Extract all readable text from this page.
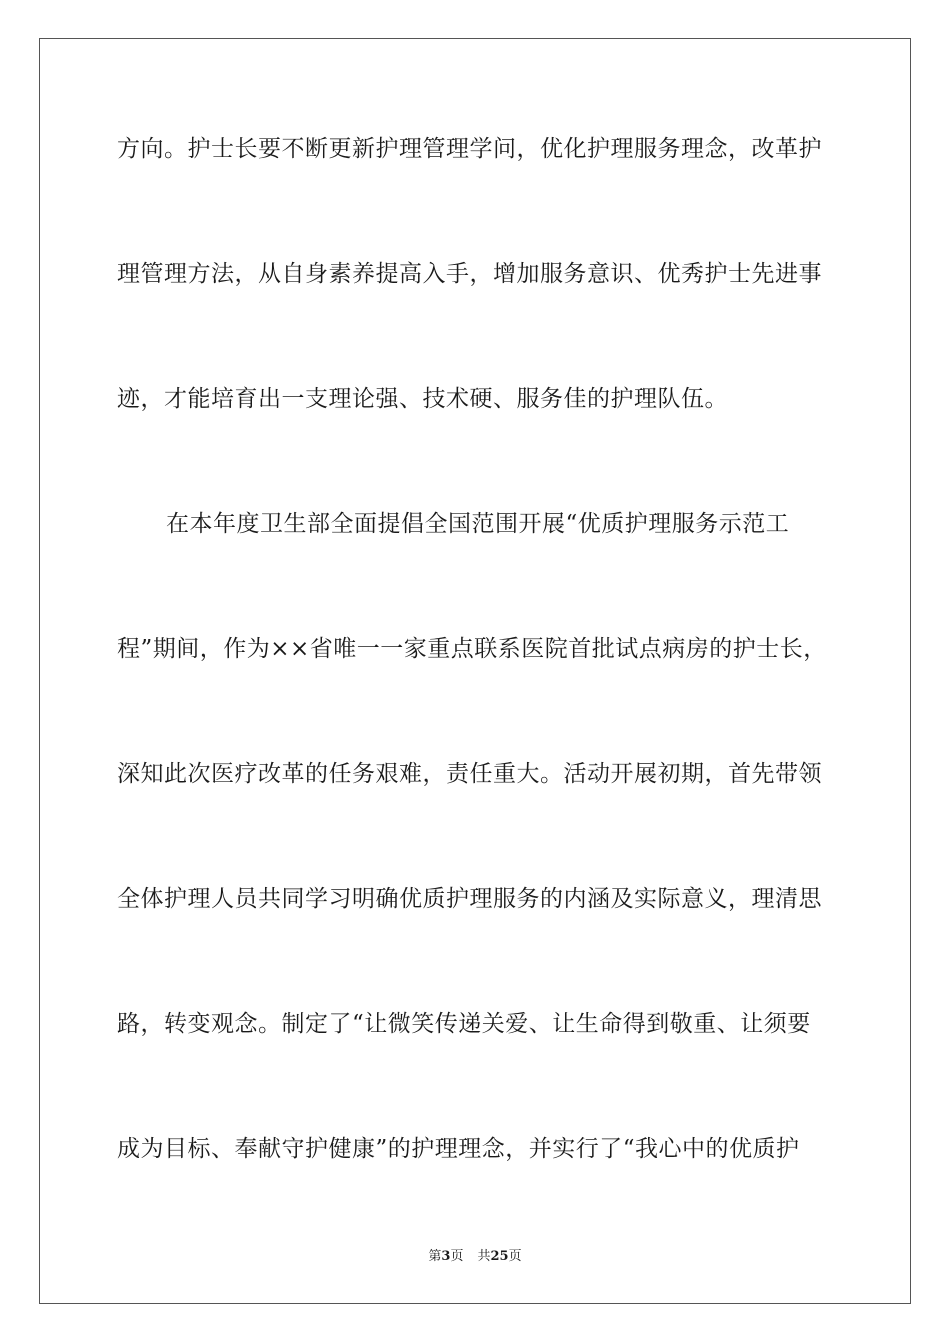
方向。护士长要不断更新护理管理学问，优化护理服务理念，改革护
理管理方法，从自身素养提高入手，增加服务意识、优秀护士先进事
迹，才能培育出一支理论强、技术硬、服务佳的护理队伍。
在本年度卫生部全面提倡全国范围开展“优质护理服务示范工
程”期间，作为××省唯一一家重点联系医院首批试点病房的护士长，
深知此次医疗改革的任务艰难，责任重大。活动开展初期，首先带领
全体护理人员共同学习明确优质护理服务的内涵及实际意义，理清思
路，转变观念。制定了“让微笑传递关爱、让生命得到敬重、让须要
成为目标、奉献守护健康”的护理理念，并实行了“我心中的优质护
第3页 共25页
